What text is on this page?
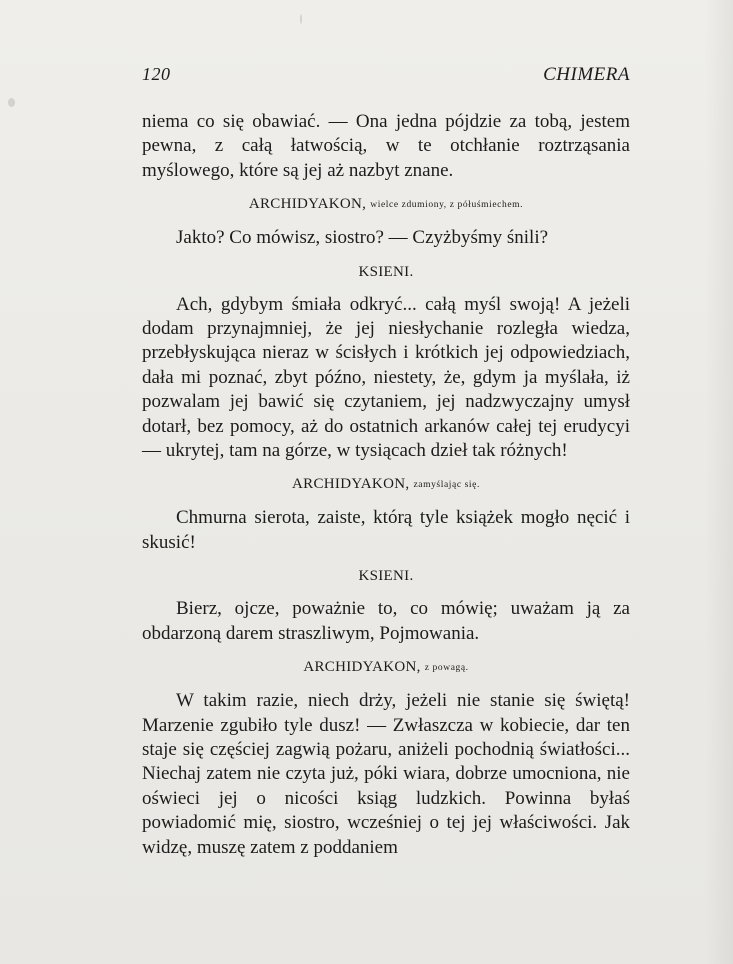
120	CHIMERA

niema co się obawiać. — Ona jedna pójdzie za tobą, jestem pewna, z całą łatwością, w te otchłanie roztrząsania myślowego, które są jej aż nazbyt znane.

ARCHIDYAKON, wielce zdumiony, z półuśmiechem.

Jakto? Co mówisz, siostro? — Czyżbyśmy śnili?

KSIENI.

Ach, gdybym śmiała odkryć... całą myśl swoją! A jeżeli dodam przynajmniej, że jej niesłychanie rozległa wiedza, przebłyskująca nieraz w ścisłych i krótkich jej odpowiedziach, dała mi poznać, zbyt późno, niestety, że, gdym ja myślała, iż pozwalam jej bawić się czytaniem, jej nadzwyczajny umysł dotarł, bez pomocy, aż do ostatnich arkanów całej tej erudycyi — ukrytej, tam na górze, w tysiącach dzieł tak różnych!

ARCHIDYAKON, zamyślając się.

Chmurna sierota, zaiste, którą tyle książek mogło nęcić i skusić!

KSIENI.

Bierz, ojcze, poważnie to, co mówię; uważam ją za obdarzoną darem straszliwym, Pojmowania.

ARCHIDYAKON, z powagą.

W takim razie, niech drży, jeżeli nie stanie się świętą! Marzenie zgubiło tyle dusz! — Zwłaszcza w kobiecie, dar ten staje się częściej zagwią pożaru, aniżeli pochodnią światłości... Niechaj zatem nie czyta już, póki wiara, dobrze umocniona, nie oświeci jej o nicości ksiąg ludzkich. Powinna byłaś powiadomić mię, siostro, wcześniej o tej jej właściwości. Jak widzę, muszę zatem z poddaniem
